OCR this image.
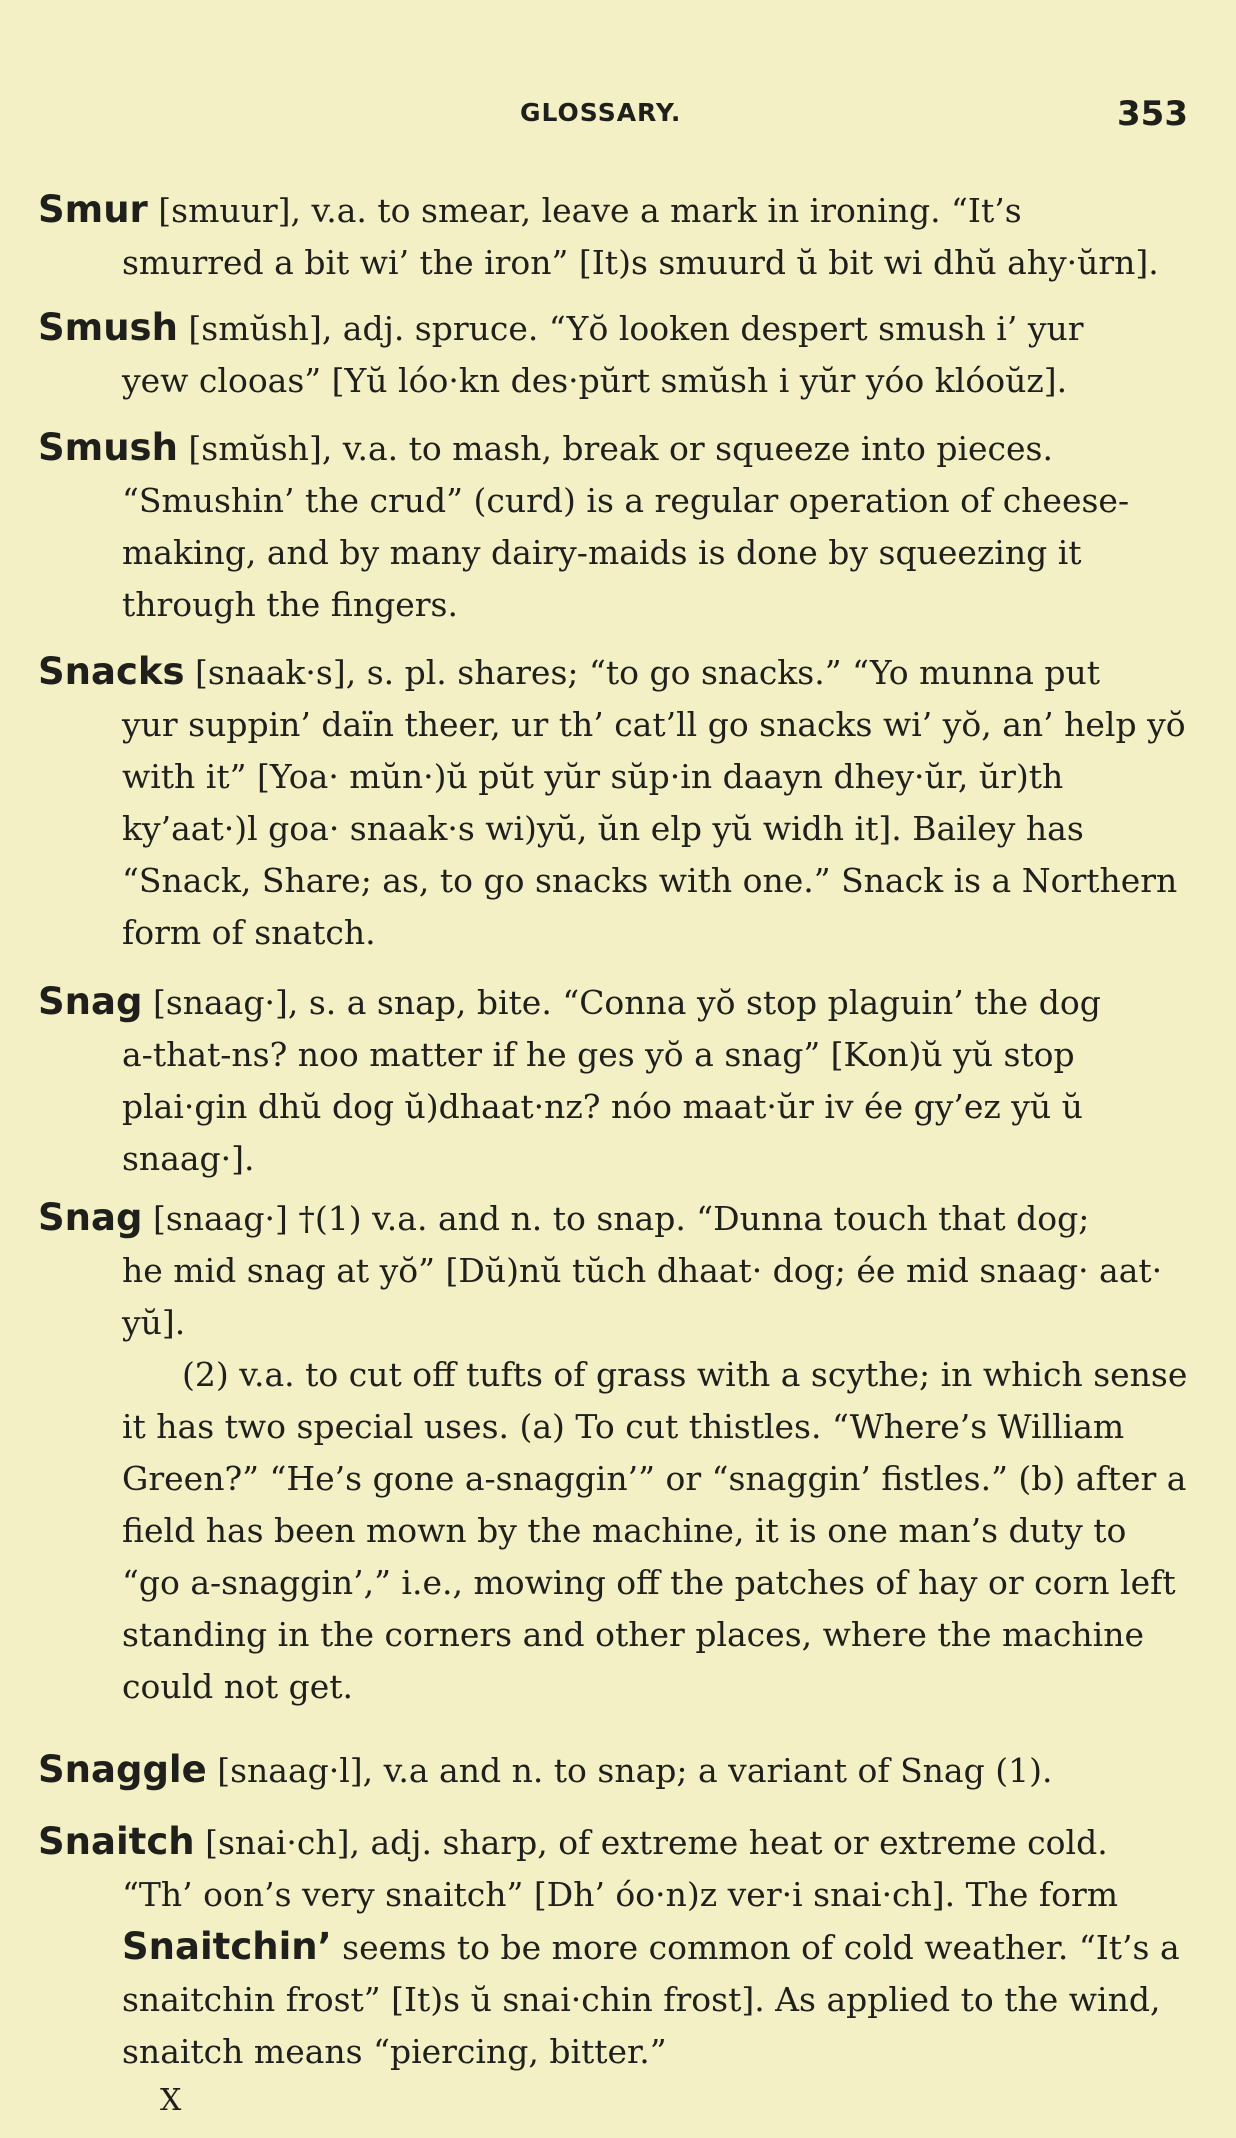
GLOSSARY.	353

Smur [smuur], v.a. to smear, leave a mark in ironing. “It’s

smurred a bit wi’ the iron” [It)s smuurd ŭ bit wi dhŭ ahy·ŭrn].

Smush [smŭsh], adj. spruce. “Yŏ looken despert smush i’ yur

yew clooas” [Yŭ lóo·kn des·pŭrt smŭsh i yŭr yóo klóoŭz].

Smush [smŭsh], v.a. to mash, break or squeeze into pieces.

“Smushin’ the crud” (curd) is a regular operation of cheese-making, and by many dairy-maids is done by squeezing it through the fingers.

Snacks [snaak·s], s. pl. shares; “to go snacks.” “Yo munna put

yur suppin’ daïn theer, ur th’ cat’ll go snacks wi’ yŏ, an’ help yŏ with it” [Yoa· mŭn·)ŭ pŭt yŭr sŭp·in daayn dhey·ŭr, ŭr)th ky’aat·)l goa· snaak·s wi)yŭ, ŭn elp yŭ widh it]. Bailey has “Snack, Share; as, to go snacks with one.” Snack is a Northern form of snatch.

Snag [snaag·], s. a snap, bite. “Conna yŏ stop plaguin’ the dog

a-that-ns? noo matter if he ges yŏ a snag” [Kon)ŭ yŭ stop plai·gin dhŭ dog ŭ)dhaat·nz? nóo maat·ŭr iv ée gy’ez yŭ ŭ snaag·].

Snag [snaag·] †(1) v.a. and n. to snap. “Dunna touch that dog;

he mid snag at yŏ” [Dŭ)nŭ tŭch dhaat· dog; ée mid snaag· aat· yŭ].

(2) v.a. to cut off tufts of grass with a scythe; in which sense it has two special uses. (a) To cut thistles. “Where’s William Green?” “He’s gone a-snaggin’” or “snaggin’ fistles.” (b) after a field has been mown by the machine, it is one man’s duty to “go a-snaggin’,” i.e., mowing off the patches of hay or corn left standing in the corners and other places, where the machine could not get.

Snaggle [snaag·l], v.a and n. to snap; a variant of Snag (1).

Snaitch [snai·ch], adj. sharp, of extreme heat or extreme cold.

“Th’ oon’s very snaitch” [Dh’ óo·n)z ver·i snai·ch]. The form Snaitchin’ seems to be more common of cold weather. “It’s a snaitchin frost” [It)s ŭ snai·chin frost]. As applied to the wind, snaitch means “piercing, bitter.”

X
